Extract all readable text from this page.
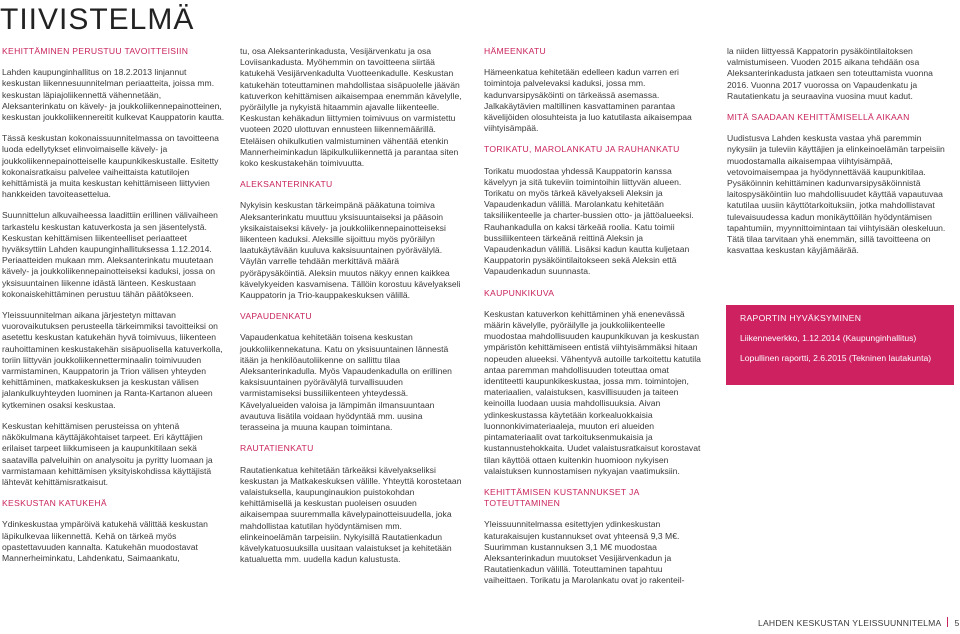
TIIVISTELMÄ
KEHITTÄMINEN PERUSTUU TAVOITTEISIIN

Lahden kaupunginhallitus on 18.2.2013 linjannut keskustan liikennesuunnitelman periaatteita, joissa mm. keskustan läpiajoliikennettä vähennetään, Aleksanterinkatu on kävely- ja joukkoliikennepainotteinen, keskustan joukkoliikennereitit kulkevat Kauppatorin kautta.

Tässä keskustan kokonaissuunnitelmassa on tavoitteena luoda edellytykset elinvoimaiselle kävely- ja joukkoliikennepainotteiselle kaupunkikeskustalle. Esitetty kokonaisratkaisu palvelee vaiheittaista katutilojen kehittämistä ja muita keskustan kehittämiseen liittyvien hankkeiden tavoiteasettelua.

Suunnittelun alkuvaiheessa laadittiin erillinen välivaiheen tarkastelu keskustan katuverkosta ja sen jäsentelystä. Keskustan kehittämisen liikenteelliset periaatteet hyväksyttiin Lahden kaupunginhallituksessa 1.12.2014. Periaatteiden mukaan mm. Aleksanterinkatu muutetaan kävely- ja joukkoliikennepainotteiseksi kaduksi, jossa on yksisuuntainen liikenne idästä länteen. Keskustaan kokonaiskehittäminen perustuu tähän päätökseen.

Yleissuunnitelman aikana järjestetyn mittavan vuorovaikutuksen perusteella tärkeimmiksi tavoitteiksi on asetettu keskustan katukehän hyvä toimivuus, liikenteen rauhoittaminen keskustakehän sisäpuolisella katuverkolla, toriin liittyvän joukkoliikennetterminaalin toimivuuden varmistaminen, Kauppatorin ja Trion välisen yhteyden kehittäminen, matkakeskuksen ja keskustan välisen jalankulkuyhteyden luominen ja Ranta-Kartanon alueen kytkeminen osaksi keskustaa.

Keskustan kehittämisen perusteissa on yhtenä näkökulmana käyttäjäkohtaiset tarpeet. Eri käyttäjien erilaiset tarpeet liikkumiseen ja kaupunkitilaan sekä saatavilla palveluihin on analysoitu ja pyritty luomaan ja varmistamaan kehittämisen yksityiskohdissa käyttäjistä lähtevät kehittämisratkaisut.

KESKUSTAN KATUKEHÄ

Ydinkeskustaa ympäröivä katukehä välittää keskustan läpikulkevaa liikennettä. Kehä on tärkeä myös opastettavuuden kannalta. Katukehän muodostavat Mannerheiminkatu, Lahdenkatu, Saimaankatu,

tu, osa Aleksanterinkadusta, Vesijärvenkatu ja osa Loviisankadusta. Myöhemmin on tavoitteena siirtää katukehä Vesijärvenkadulta Vuotteenkadulle. Keskustan katukehän toteuttaminen mahdollistaa sisäpuolelle jäävän katuverkon kehittämisen aikaisempaa enemmän kävelylle, pyöräilylle ja nykyistä hitaammin ajavalle liikenteelle. Keskustan kehäkadun liittymien toimivuus on varmistettu vuoteen 2020 ulottuvan ennusteen liikennemäärillä. Eteläisen ohikulkutien valmistuminen vähentää etenkin Mannerheiminkadun läpikulkuliikennettä ja parantaa siten koko keskustakehän toimivuutta.

ALEKSANTERINKATU

Nykyisin keskustan tärkeimpänä pääkatuna toimiva Aleksanterinkatu muuttuu yksisuuntaiseksi ja pääsoin yksikaistaiseksi kävely- ja joukkoliikennepainotteiseksi liikenteen kaduksi. Aleksille sijoittuu myös pyöräilyn laatukäytävään kuuluva kaksisuuntainen pyörävälylä. Väylän varrelle tehdään merkittävä määrä pyöräpysäköintiä. Aleksin muutos näkyy ennen kaikkea kävelykyeiden kasvamisena. Tällöin korostuu kävelyakseli Kauppatorin ja Trio-kauppakeskuksen välillä.

VAPAUDENKATU

Vapaudenkatua kehitetään toisena keskustan joukkoliikennekatuna. Katu on yksisuuntainen lännestä itään ja henkilöautoliikenne on sallittu tilaa Aleksanterinkadulla. Myös Vapaudenkadulla on erillinen kaksisuuntainen pyörävälylä turvallisuuden varmistamiseksi bussiliikenteen yhteydessä. Kävelyalueiden valoisa ja lämpimän ilmansuuntaan avautuva lisätila voidaan hyödyntää mm. uusina terasseina ja muuna kaupan toimintana.

RAUTATIENKATU

Rautatienkatua kehitetään tärkeäksi kävelyakseliksi keskustan ja Matkakeskuksen välille. Yhteyttä korostetaan valaistuksella, kaupunginaukion puistokohdan kehittämisellä ja keskustan puoleisen osuuden aikaisempaa suuremmalla kävelypainotteisuudella, joka mahdollistaa katutilan hyödyntämisen mm. elinkeinoelämän tarpeisiin. Nykyisillä Rautatienkadun kävelykatuosuuksilla uusitaan valaistukset ja kehitetään katualuetta mm. uudella kadun kalustusta.

HÄMEENKATU

Hämeenkatua kehitetään edelleen kadun varren eri toimintoja palvelevaksi kaduksi, jossa mm. kadunvarsipysäköinti on tärkeässä asemassa. Jalkakäytävien maltillinen kasvattaminen parantaa kävelijöiden olosuhteista ja luo katutilasta aikaisempaa viihtyisämpää.

TORIKATU, MAROLANKATU JA RAUHANKATU

Torikatu muodostaa yhdessä Kauppatorin kanssa kävelyyn ja sitä tukeviin toimintoihin liittyvän alueen. Torikatu on myös tärkeä kävelyakseli Aleksin ja Vapaudenkadun välillä. Marolankatu kehitetään taksiliikenteelle ja charter-bussien otto- ja jättöalueeksi. Rauhankadulla on kaksi tärkeää roolia. Katu toimii bussiliikenteen tärkeänä reittinä Aleksin ja Vapaudenkadun välillä. Lisäksi kadun kautta kuljetaan Kauppatorin pysäköintilaitokseen sekä Aleksin että Vapaudenkadun suunnasta.

KAUPUNKIKUVA

Keskustan katuverkon kehittäminen yhä enenevässä määrin kävelylle, pyöräilylle ja joukkoliikenteelle muodostaa mahdollisuuden kaupunkikuvan ja keskustan ympäristön kehittämiseen entistä viihtyisämmäksi hitaan nopeuden alueeksi. Vähentyvä autoille tarkoitettu katutila antaa paremman mahdollisuuden toteuttaa omat identiteetti kaupunkikeskustaa, jossa mm. toimintojen, materiaalien, valaistuksen, kasvillisuuden ja taiteen keinoilla luodaan uusia mahdollisuuksia. Aivan ydinkeskustassa käytetään korkealuokkaisia luonnonkivimateriaaleja, muuton eri alueiden pintamateriaalit ovat tarkoituksenmukaisia ja kustannustehokkaita. Uudet valaistusratkaisut korostavat tilan käyttöä ottaen kuitenkin huomioon nykyisen valaistuksen kunnostamisen nykyajan vaatimuksiin.

KEHITTÄMISEN KUSTANNUKSET JA TOTEUTTAMINEN

Yleissuunnitelmassa esitettyjen ydinkeskustan katurakaisujen kustannukset ovat yhteensä 9,3 M€. Suurimman kustannuksen 3,1 M€ muodostaa Aleksanterinkadun muutokset Vesijärvenkadun ja Rautatienkadun välillä. Toteuttaminen tapahtuu vaiheittaen. Torikatu ja Marolankatu ovat jo rakenteil-

la niiden liittyessä Kappatorin pysäköintilaitoksen valmistumiseen. Vuoden 2015 aikana tehdään osa Aleksanterinkadusta jatkaen sen toteuttamista vuonna 2016. Vuonna 2017 vuorossa on Vapaudenkatu ja Rautatienkatu ja seuraavina vuosina muut kadut.

MITÄ SAADAAN KEHITTÄMISELLÄ AIKAAN

Uudistusva Lahden keskusta vastaa yhä paremmin nykysiin ja tuleviin käyttäjien ja elinkeinoelämän tarpeisiin muodostamalla aikaisempaa viihtyisämpää, vetovoimaisempaa ja hyödynnettävää kaupunkitilaa. Pysäköinnin kehittäminen kadunvarsipysäköinnistä laitospysäköintiin luo mahdollisuudet käyttää vapautuvaa katutilaa uusiin käyttötarkoituksiin, jotka mahdollistavat tulevaisuudessa kadun monikäyttöilän hyödyntämisen tapahtumiin, myynnittoimintaan tai viihtyisään oleskeluun. Tätä tilaa tarvitaan yhä enemmän, sillä tavoitteena on kasvattaa keskustan käyjämäärää.

RAPORTIN HYVÄKSYMINEN

Liikenneverkko, 1.12.2014 (Kaupunginhallitus)

Lopullinen raportti, 2.6.2015 (Tekninen lautakunta)

LAHDEN KESKUSTAN YLEISSUUNNITELMA 5
